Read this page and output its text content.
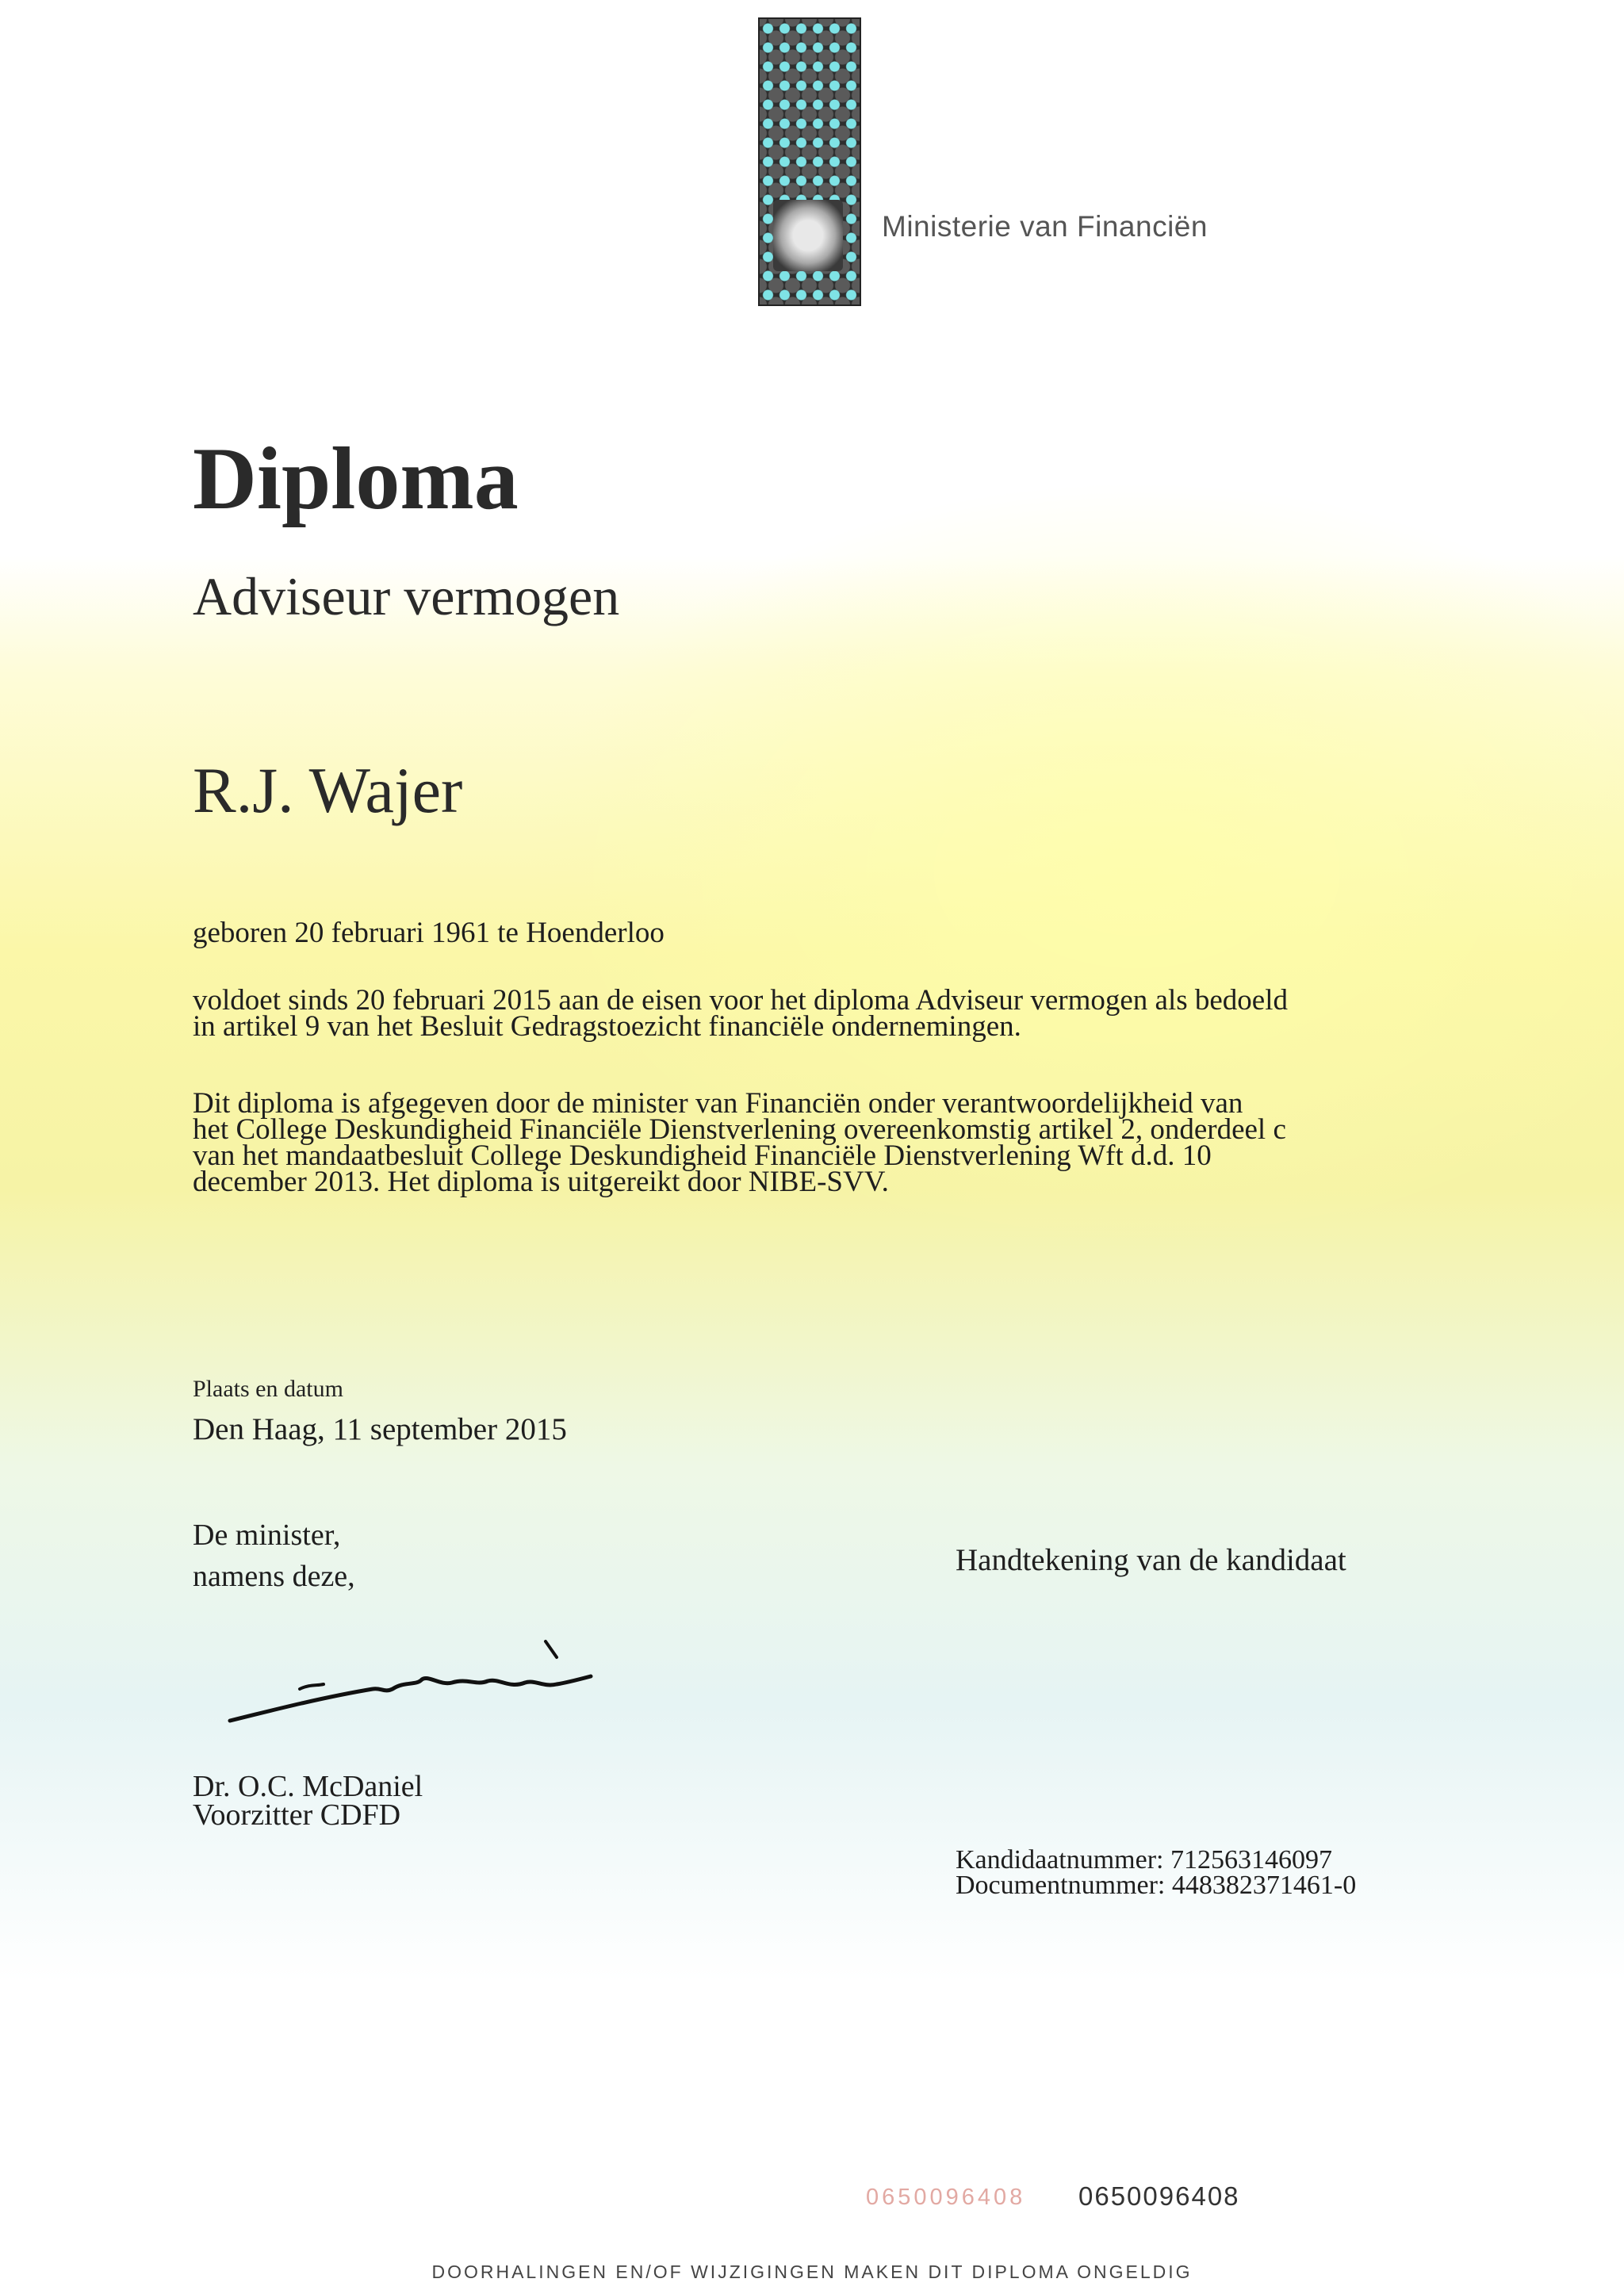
Ministerie van Financiën
Diploma
Adviseur vermogen
R.J. Wajer
geboren 20 februari 1961 te Hoenderloo
voldoet sinds 20 februari 2015 aan de eisen voor het diploma Adviseur vermogen als bedoeld
in artikel 9 van het Besluit Gedragstoezicht financiële ondernemingen.
Dit diploma is afgegeven door de minister van Financiën onder verantwoordelijkheid van
het College Deskundigheid Financiële Dienstverlening overeenkomstig artikel 2, onderdeel c
van het mandaatbesluit College Deskundigheid Financiële Dienstverlening Wft d.d. 10
december 2013. Het diploma is uitgereikt door NIBE-SVV.
Plaats en datum
Den Haag, 11 september 2015
De minister,
namens deze,	Handtekening van de kandidaat
Dr. O.C. McDaniel
Voorzitter CDFD
Kandidaatnummer: 712563146097
Documentnummer: 448382371461-0
0650096408 0650096408
DOORHALINGEN EN/OF WIJZIGINGEN MAKEN DIT DIPLOMA ONGELDIG
